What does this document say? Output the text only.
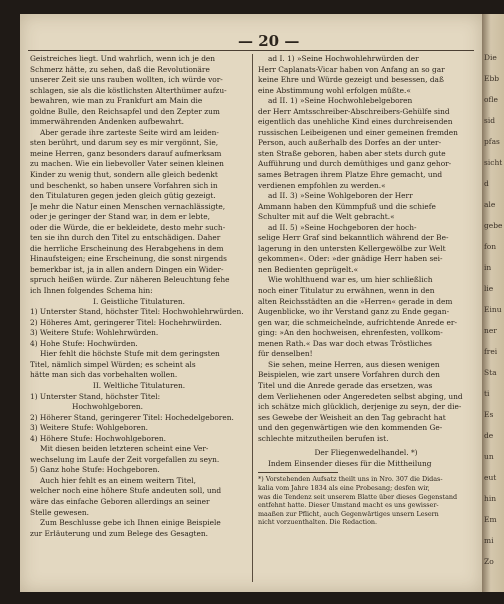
— 20 —
Geistreiches liegt. Und wahrlich, wenn ich je den
Schmerz hätte, zu sehen, daß die Revolutionäre
unserer Zeit sie uns rauben wollten, ich würde vor-
schlagen, sie als die köstlichsten Alterthümer aufzu-
bewahren, wie man zu Frankfurt am Main die
goldne Bulle, den Reichsapfel und den Zepter zum
immerwährenden Andenken aufbewahrt.
Aber gerade ihre zarteste Seite wird am leiden-
sten berührt, und darum sey es mir vergönnt, Sie,
meine Herren, ganz besonders darauf aufmerksam
zu machen. Wie ein liebevoller Vater seinen kleinen
Kinder zu wenig thut, sondern alle gleich bedenkt
und beschenkt, so haben unsere Vorfahren sich in
den Titulaturen gegen jeden gleich gütig gezeigt.
Je mehr die Natur einen Menschen vernachlässigte,
oder je geringer der Stand war, in dem er lebte,
oder die Würde, die er bekleidete, desto mehr such-
ten sie ihn durch den Titel zu entschädigen. Daher
die herrliche Erscheinung des Herabgehens in dem
Hinaufsteigen; eine Erscheinung, die sonst nirgends
bemerkbar ist, ja in allen andern Dingen ein Wider-
spruch heißen würde. Zur näheren Beleuchtung fehe
ich Ihnen folgendes Schema hin:
I. Geistliche Titulaturen.
1) Unterster Stand, höchster Titel: Hochwohlehrwürden.
2) Höheres Amt, geringerer Titel: Hochehrwürden.
3) Weitere Stufe: Wohlehrwürden.
4) Hohe Stufe: Hochwürden.
Hier fehlt die höchste Stufe mit dem geringsten
Titel, nämlich simpel Würden; es scheint als
hätte man sich das vorbehalten wollen.
II. Weltliche Titulaturen.
1) Unterster Stand, höchster Titel:
Hochwohlgeboren.
2) Höherer Stand, geringerer Titel: Hochedelgeboren.
3) Weitere Stufe: Wohlgeboren.
4) Höhere Stufe: Hochwohlgeboren.
Mit diesen beiden letzteren scheint eine Ver-
wechselung im Laufe der Zeit vorgefallen zu seyn.
5) Ganz hohe Stufe: Hochgeboren.
Auch hier fehlt es an einem weitern Titel,
welcher noch eine höhere Stufe andeuten soll, und
wäre das einfache Geboren allerdings an seiner
Stelle gewesen.
Zum Beschlusse gebe ich Ihnen einige Beispiele
zur Erläuterung und zum Belege des Gesagten.
ad I. 1) »Seine Hochwohlehrwürden der
Herr Caplanats-Vicar haben von Anfang an so gar
keine Ehre und Würde gezeigt und besessen, daß
eine Abstimmung wohl erfolgen müßte.«
ad II. 1) »Seine Hochwohlebelgeboren
der Herr Amtsschreiber-Abschreibers-Gehülfe sind
eigentlich das unehliche Kind eines durchreisenden
russischen Leibeigenen und einer gemeinen fremden
Person, auch außerhalb des Dorfes an der unter-
sten Straße geboren, haben aber stets durch gute
Aufführung und durch demüthiges und ganz gehor-
sames Betragen ihrem Platze Ehre gemacht, und
verdienen empfohlen zu werden.«
ad II. 3) »Seine Wohlgeboren der Herr
Ammann haben den Kümmpfuß und die schiefe
Schulter mit auf die Welt gebracht.«
ad II. 5) »Seine Hochgeboren der hoch-
selige Herr Graf sind bekanntlich während der Be-
lagerung in den untersten Kellergewölbe zur Welt
gekommen«. Oder: »der gnädige Herr haben sei-
nen Bedienten geprügelt.«
Wie wohlthuend war es, um hier schließlich
noch einer Titulatur zu erwähnen, wenn in den
alten Reichsstädten an die »Herren« gerade in dem
Augenblicke, wo ihr Verstand ganz zu Ende gegan-
gen war, die schmeichelnde, aufrichtende Anrede er-
ging: »An den hochweisen, ehrenfesten, vollkom-
menen Rath.« Das war doch etwas Tröstliches
für denselben!
Sie sehen, meine Herren, aus diesen wenigen
Beispielen, wie zart unsere Vorfahren durch den
Titel und die Anrede gerade das ersetzen, was
dem Verliehenen oder Angeredeten selbst abging, und
ich schätze mich glücklich, derjenige zu seyn, der die-
ses Gewebe der Weisheit an den Tag gebracht hat
und den gegenwärtigen wie den kommenden Ge-
schlechte mitzutheilen berufen ist.
Der Fliegenwedelhandel. *)
Indem Einsender dieses für die Mittheilung
*) Vorstehenden Aufsatz theilt uns in Nro. 307 die Didas-
kalia vom Jahre 1834 als eine Probesang; desfen wir,
was die Tendenz seit unserem Blatte über dieses Gegenstand
entfehnt hatte. Dieser Umstand macht es uns gewisser-
maaßen zur Pflicht, auch Gegenwärtiges unsern Lesern
nicht vorzuenthalten. Die Redaction.
Die
Ebb
ofle
sid
pfas
sicht
d
ale
gebe
fon
in
lie
Einu
ner
frei
Sta
ti
Es
de
un
eut
hin
Em
mi
Zo
